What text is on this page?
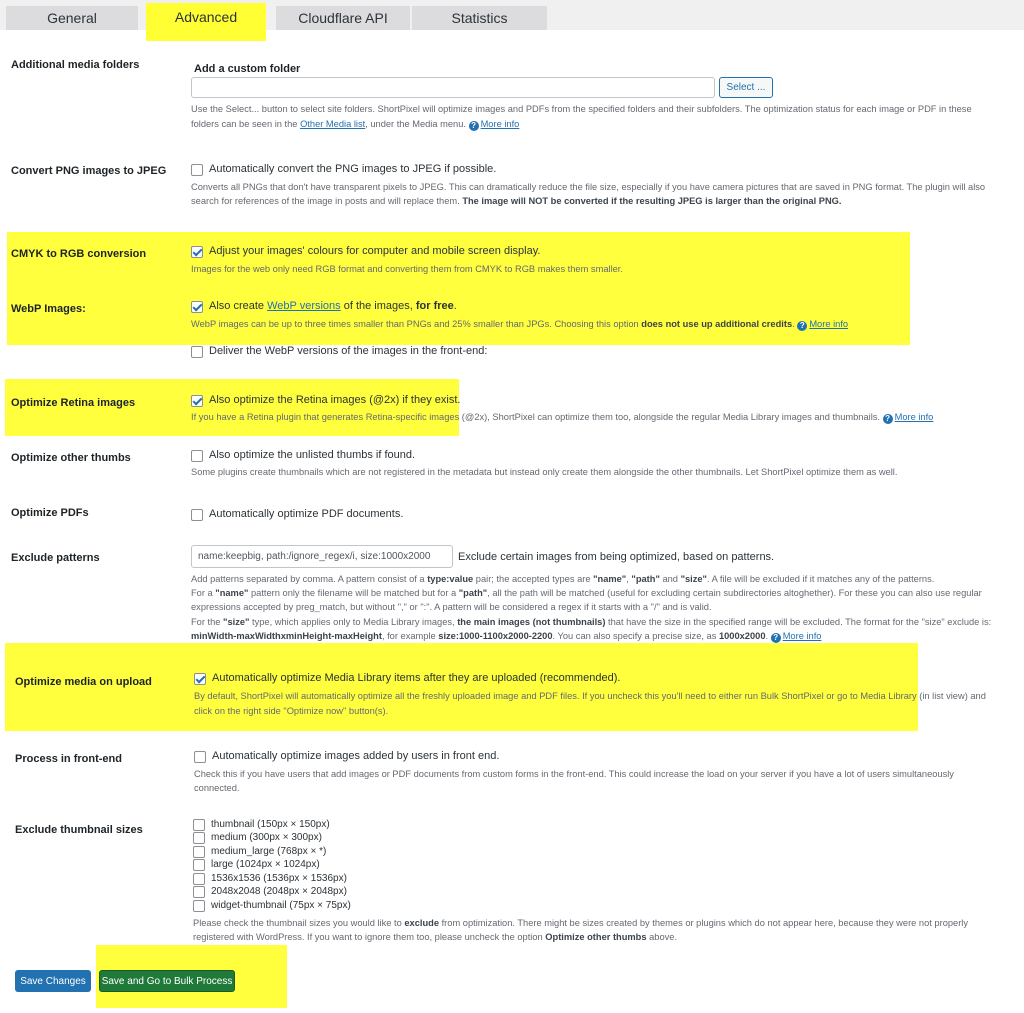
General	Advanced	Cloudflare API	Statistics
Additional media folders	Add a custom folder
Select ...
Use the Select... button to select site folders. ShortPixel will optimize images and PDFs from the specified folders and their subfolders. The optimization status for each image or PDF in these
folders can be seen in the Other Media list, under the Media menu. ? More info
Convert PNG images to JPEG	Automatically convert the PNG images to JPEG if possible.
Converts all PNGs that don't have transparent pixels to JPEG. This can dramatically reduce the file size, especially if you have camera pictures that are saved in PNG format. The plugin will also
search for references of the image in posts and will replace them. The image will NOT be converted if the resulting JPEG is larger than the original PNG.
CMYK to RGB conversion	Adjust your images' colours for computer and mobile screen display.
Images for the web only need RGB format and converting them from CMYK to RGB makes them smaller.
WebP Images:	Also create WebP versions of the images, for free.
WebP images can be up to three times smaller than PNGs and 25% smaller than JPGs. Choosing this option does not use up additional credits. ? More info
Deliver the WebP versions of the images in the front-end:
Optimize Retina images	Also optimize the Retina images (@2x) if they exist.
If you have a Retina plugin that generates Retina-specific images (@2x), ShortPixel can optimize them too, alongside the regular Media Library images and thumbnails. ? More info
Optimize other thumbs	Also optimize the unlisted thumbs if found.
Some plugins create thumbnails which are not registered in the metadata but instead only create them alongside the other thumbnails. Let ShortPixel optimize them as well.
Optimize PDFs	Automatically optimize PDF documents.
Exclude patterns	name:keepbig, path:/ignore_regex/i, size:1000x2000	Exclude certain images from being optimized, based on patterns.
Add patterns separated by comma. A pattern consist of a type:value pair; the accepted types are "name", "path" and "size". A file will be excluded if it matches any of the patterns.
For a "name" pattern only the filename will be matched but for a "path", all the path will be matched (useful for excluding certain subdirectories altoghether). For these you can also use regular
expressions accepted by preg_match, but without "," or ":". A pattern will be considered a regex if it starts with a "/" and is valid.
For the "size" type, which applies only to Media Library images, the main images (not thumbnails) that have the size in the specified range will be excluded. The format for the "size" exclude is:
minWidth-maxWidthxminHeight-maxHeight, for example size:1000-1100x2000-2200. You can also specify a precise size, as 1000x2000. ? More info
Optimize media on upload	Automatically optimize Media Library items after they are uploaded (recommended).
By default, ShortPixel will automatically optimize all the freshly uploaded image and PDF files. If you uncheck this you'll need to either run Bulk ShortPixel or go to Media Library (in list view) and
click on the right side "Optimize now" button(s).
Process in front-end	Automatically optimize images added by users in front end.
Check this if you have users that add images or PDF documents from custom forms in the front-end. This could increase the load on your server if you have a lot of users simultaneously
connected.
Exclude thumbnail sizes	thumbnail (150px × 150px)
medium (300px × 300px)
medium_large (768px × *)
large (1024px × 1024px)
1536x1536 (1536px × 1536px)
2048x2048 (2048px × 2048px)
widget-thumbnail (75px × 75px)
Please check the thumbnail sizes you would like to exclude from optimization. There might be sizes created by themes or plugins which do not appear here, because they were not properly
registered with WordPress. If you want to ignore them too, please uncheck the option Optimize other thumbs above.
Save Changes	Save and Go to Bulk Process
